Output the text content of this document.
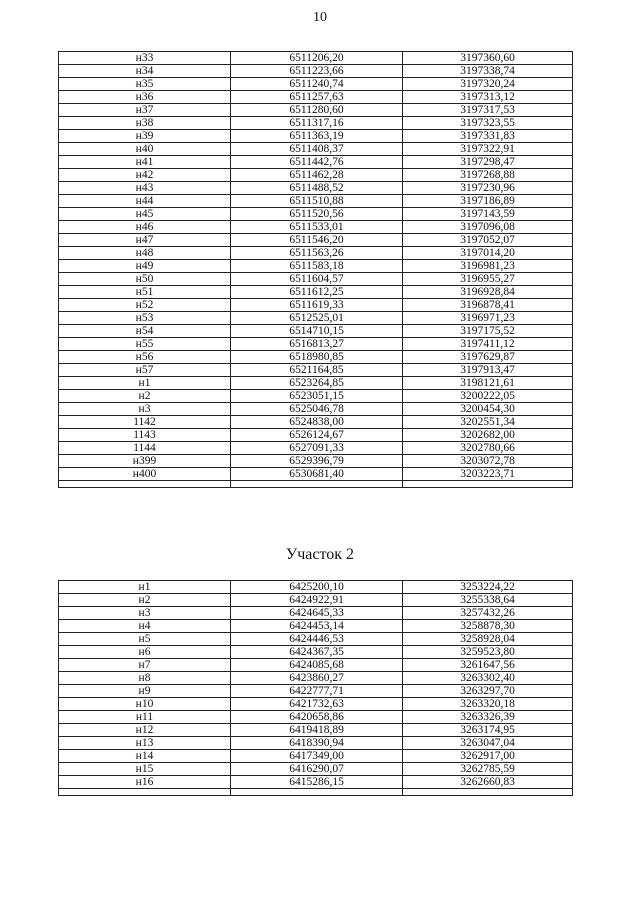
10
н33	6511206,20	3197360,60
н34	6511223,66	3197338,74
н35	6511240,74	3197320,24
н36	6511257,63	3197313,12
н37	6511280,60	3197317,53
н38	6511317,16	3197323,55
н39	6511363,19	3197331,83
н40	6511408,37	3197322,91
н41	6511442,76	3197298,47
н42	6511462,28	3197268,88
н43	6511488,52	3197230,96
н44	6511510,88	3197186,89
н45	6511520,56	3197143,59
н46	6511533,01	3197096,08
н47	6511546,20	3197052,07
н48	6511563,26	3197014,20
н49	6511583,18	3196981,23
н50	6511604,57	3196955,27
н51	6511612,25	3196928,84
н52	6511619,33	3196878,41
н53	6512525,01	3196971,23
н54	6514710,15	3197175,52
н55	6516813,27	3197411,12
н56	6518980,85	3197629,87
н57	6521164,85	3197913,47
н1	6523264,85	3198121,61
н2	6523051,15	3200222,05
н3	6525046,78	3200454,30
1142	6524838,00	3202551,34
1143	6526124,67	3202682,00
1144	6527091,33	3202780,66
н399	6529396,79	3203072,78
н400	6530681,40	3203223,71

Участок 2
н1	6425200,10	3253224,22
н2	6424922,91	3255338,64
н3	6424645,33	3257432,26
н4	6424453,14	3258878,30
н5	6424446,53	3258928,04
н6	6424367,35	3259523,80
н7	6424085,68	3261647,56
н8	6423860,27	3263302,40
н9	6422777,71	3263297,70
н10	6421732,63	3263320,18
н11	6420658,86	3263326,39
н12	6419418,89	3263174,95
н13	6418390,94	3263047,04
н14	6417349,00	3262917,00
н15	6416290,07	3262785,59
н16	6415286,15	3262660,83
